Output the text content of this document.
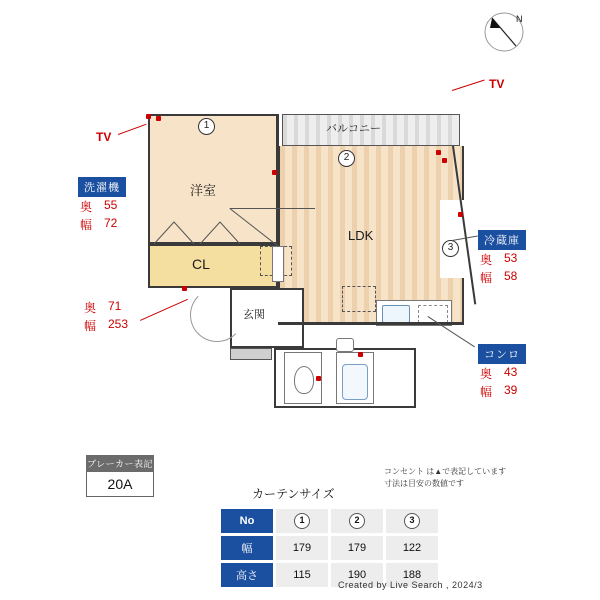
N
バルコニー
LDK
洋室
CL
玄関
1
2
3
TV
TV
洗濯機
奥 55
幅 72
奥 71
幅 253
冷蔵庫
奥 53
幅 58
コンロ
奥 43
幅 39
ブレーカー表記
20A
コンセント は▲で表記しています
寸法は目安の数値です
カーテンサイズ
No	1	2	3
幅	179	179	122
高さ	115	190	188
Created by Live Search , 2024/3
